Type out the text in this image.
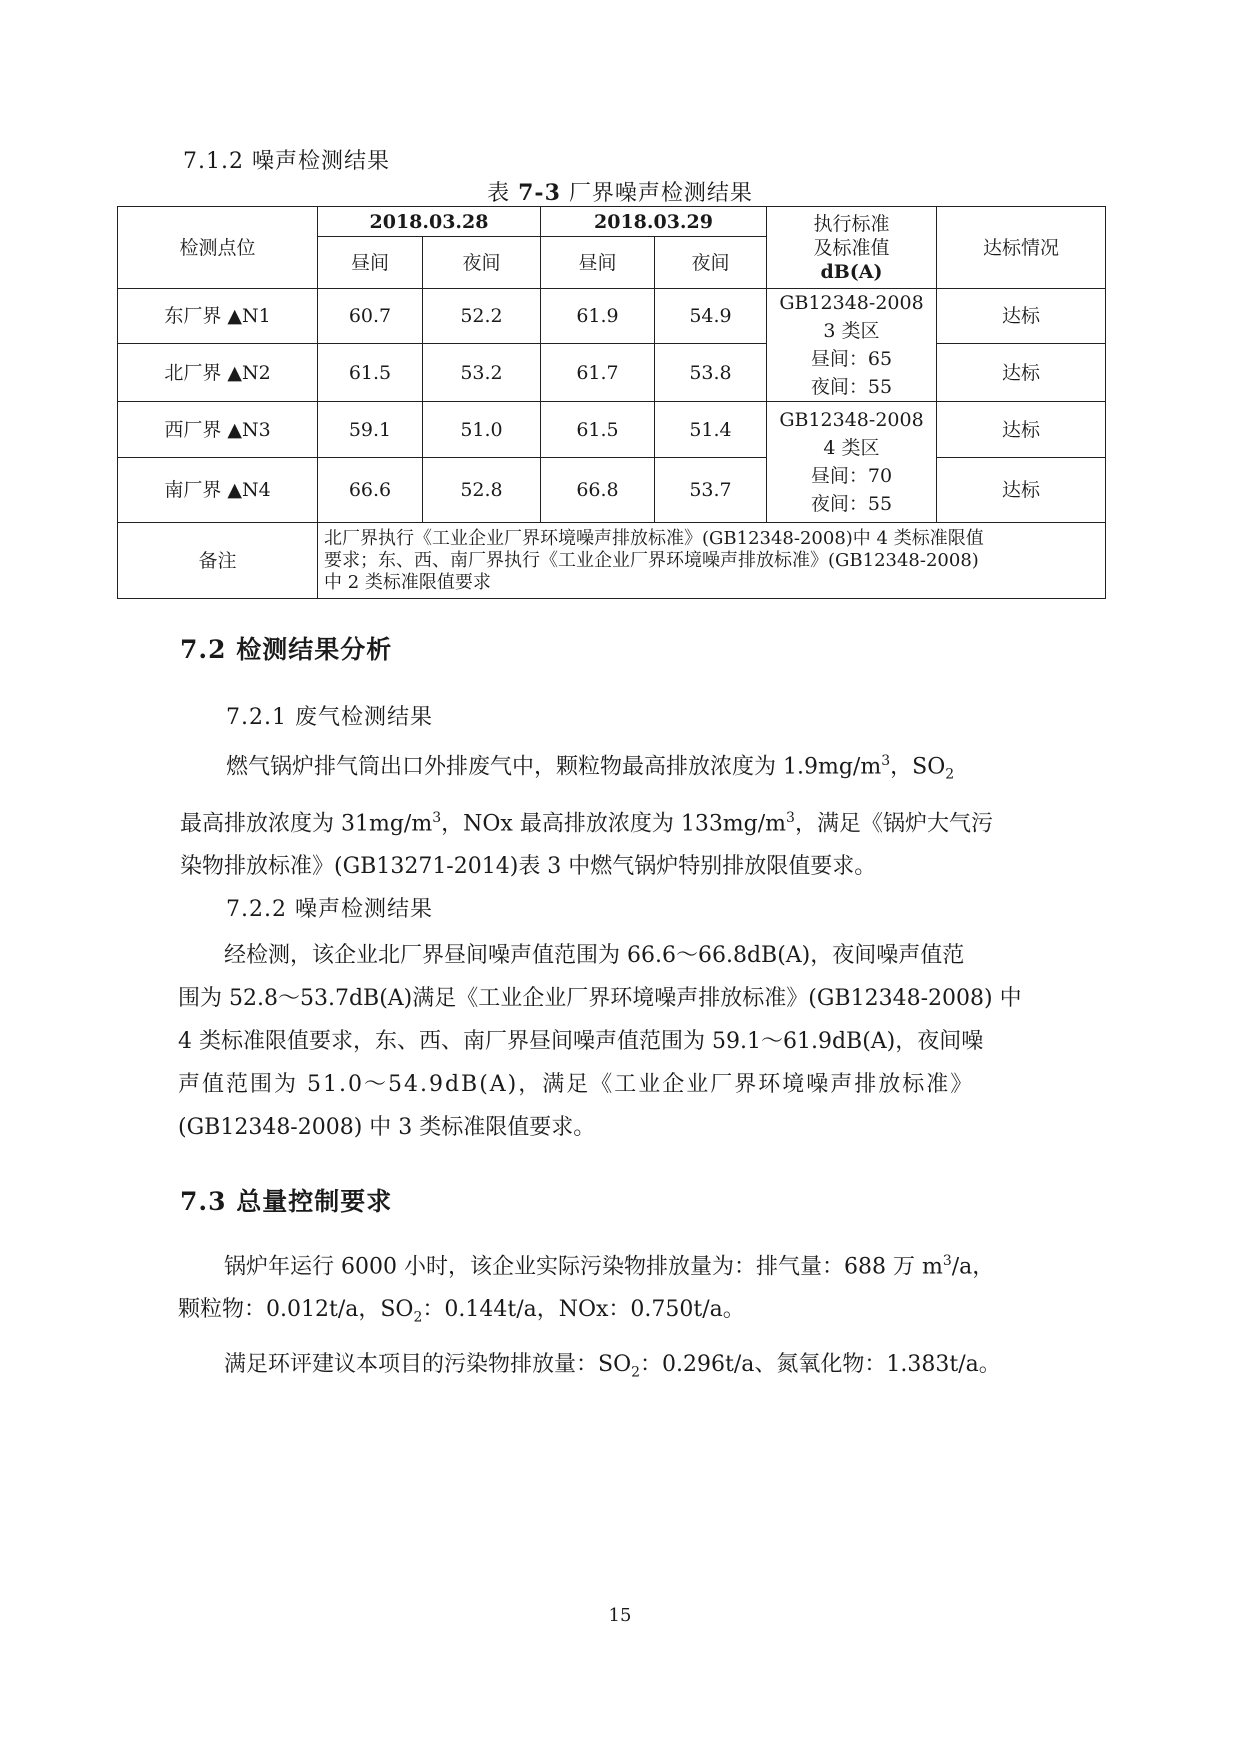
7.1.2 噪声检测结果
表 7-3 厂界噪声检测结果
检测点位	2018.03.28		2018.03.29		执行标准
及标准值
dB(A)	达标情况
	昼间	夜间	昼间	夜间		
东厂界 ▲N1	60.7	52.2	61.9	54.9	GB12348-2008
3 类区
昼间：65
夜间：55	达标
北厂界 ▲N2	61.5	53.2	61.7	53.8		达标
西厂界 ▲N3	59.1	51.0	61.5	51.4	GB12348-2008
4 类区
昼间：70
夜间：55	达标
南厂界 ▲N4	66.6	52.8	66.8	53.7		达标
备注	北厂界执行《工业企业厂界环境噪声排放标准》(GB12348-2008)中 4 类标准限值
要求；东、西、南厂界执行《工业企业厂界环境噪声排放标准》(GB12348-2008)
中 2 类标准限值要求					
7.2 检测结果分析
7.2.1 废气检测结果
燃气锅炉排气筒出口外排废气中，颗粒物最高排放浓度为 $1.9mg/m^3$，$SO_2$
最高排放浓度为 $31mg/m^3$，NOx 最高排放浓度为 $133mg/m^3$，满足《锅炉大气污
染物排放标准》(GB13271-2014)表 3 中燃气锅炉特别排放限值要求。
7.2.2 噪声检测结果
经检测，该企业北厂界昼间噪声值范围为 66.6～66.8dB(A)，夜间噪声值范
围为 52.8～53.7dB(A)满足《工业企业厂界环境噪声排放标准》(GB12348-2008) 中
4 类标准限值要求，东、西、南厂界昼间噪声值范围为 59.1～61.9dB(A)，夜间噪
声值范围为 51.0～54.9dB(A)，满足《工业企业厂界环境噪声排放标准》
(GB12348-2008) 中 3 类标准限值要求。
7.3 总量控制要求
锅炉年运行 6000 小时，该企业实际污染物排放量为：排气量：688 万 $m^3/a$，
颗粒物：0.012t/a，$SO_2$：0.144t/a，NOx：0.750t/a。
满足环评建议本项目的污染物排放量：$SO_2$：0.296t/a、氮氧化物：1.383t/a。
15
